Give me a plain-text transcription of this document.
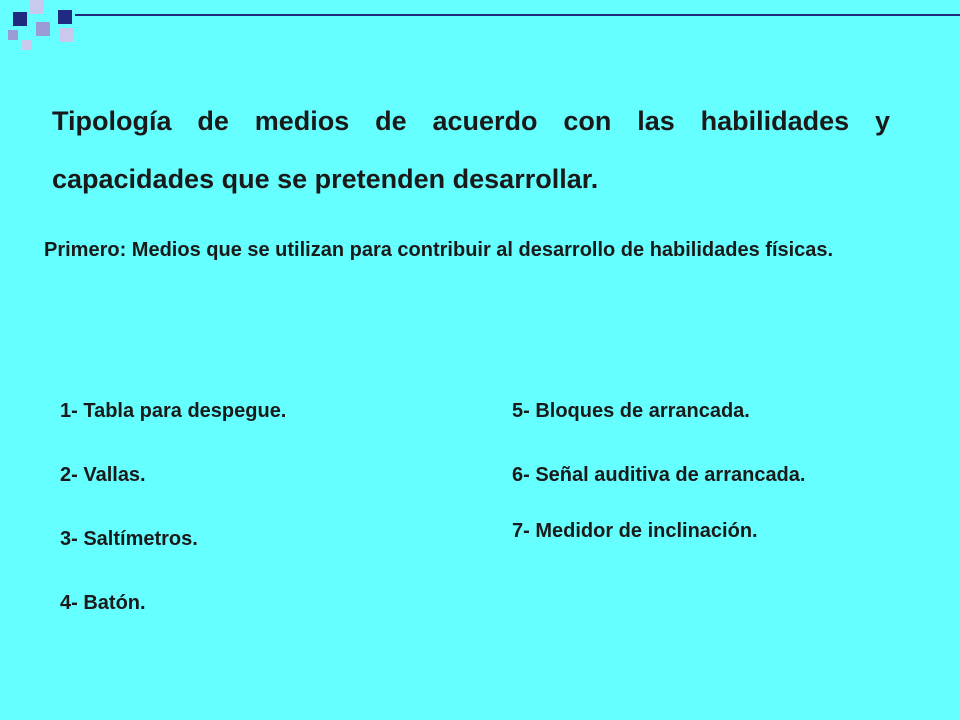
Tipología de medios de acuerdo con las habilidades y capacidades que se pretenden desarrollar.

Primero: Medios que se utilizan para contribuir al desarrollo de habilidades físicas.

1- Tabla para despegue.
2- Vallas.
3- Saltímetros.
4- Batón.
5- Bloques de arrancada.
6- Señal auditiva de arrancada.
7- Medidor de inclinación.
